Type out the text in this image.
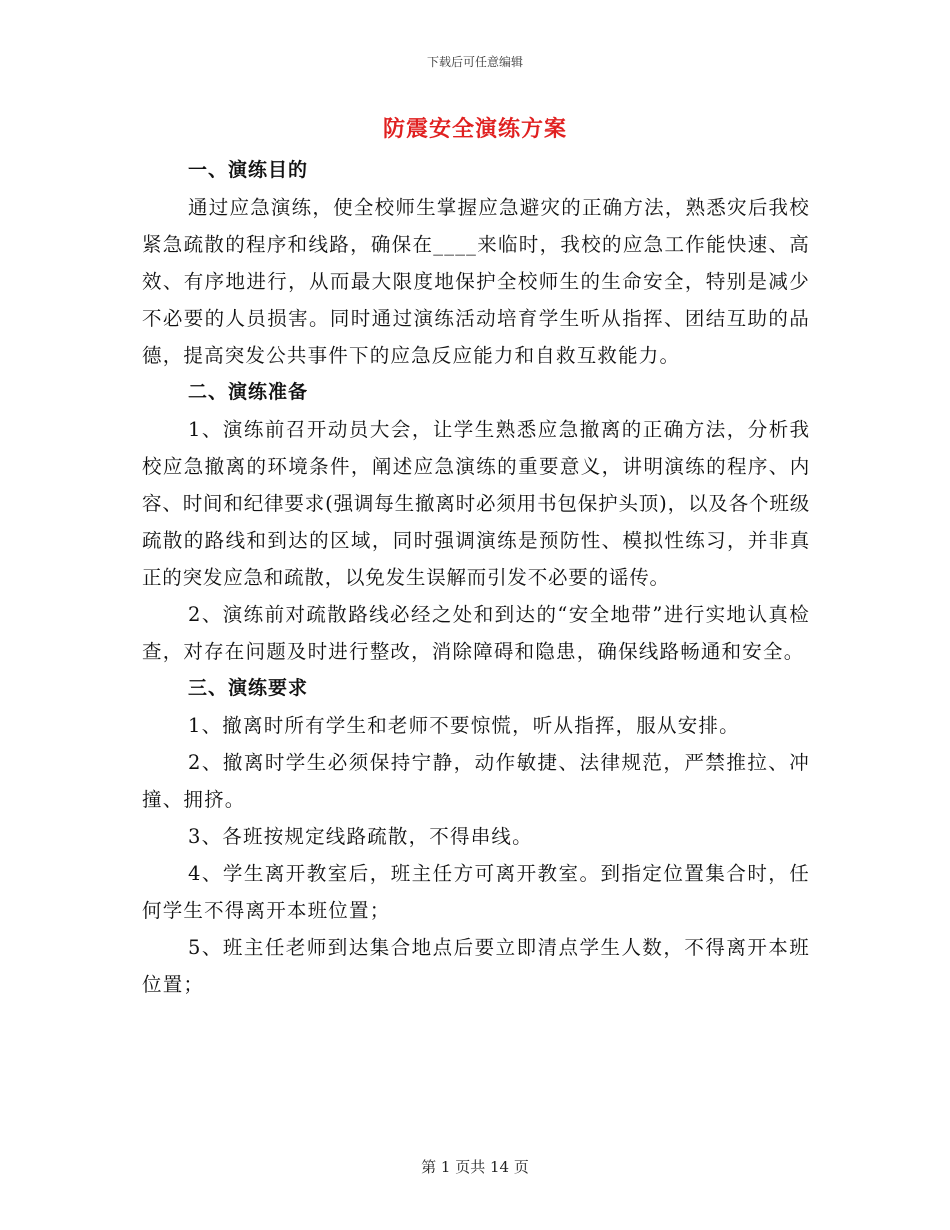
下载后可任意编辑
防震安全演练方案

一、演练目的

通过应急演练，使全校师生掌握应急避灾的正确方法，熟悉灾后我校紧急疏散的程序和线路，确保在____来临时，我校的应急工作能快速、高效、有序地进行，从而最大限度地保护全校师生的生命安全，特别是减少不必要的人员损害。同时通过演练活动培育学生听从指挥、团结互助的品德，提高突发公共事件下的应急反应能力和自救互救能力。

二、演练准备

1、演练前召开动员大会，让学生熟悉应急撤离的正确方法，分析我校应急撤离的环境条件，阐述应急演练的重要意义，讲明演练的程序、内容、时间和纪律要求(强调每生撤离时必须用书包保护头顶)，以及各个班级疏散的路线和到达的区域，同时强调演练是预防性、模拟性练习，并非真正的突发应急和疏散，以免发生误解而引发不必要的谣传。

2、演练前对疏散路线必经之处和到达的“安全地带”进行实地认真检查，对存在问题及时进行整改，消除障碍和隐患，确保线路畅通和安全。

三、演练要求

1、撤离时所有学生和老师不要惊慌，听从指挥，服从安排。

2、撤离时学生必须保持宁静，动作敏捷、法律规范，严禁推拉、冲撞、拥挤。

3、各班按规定线路疏散，不得串线。

4、学生离开教室后，班主任方可离开教室。到指定位置集合时，任何学生不得离开本班位置；

5、班主任老师到达集合地点后要立即清点学生人数，不得离开本班位置；

第 1 页共 14 页
